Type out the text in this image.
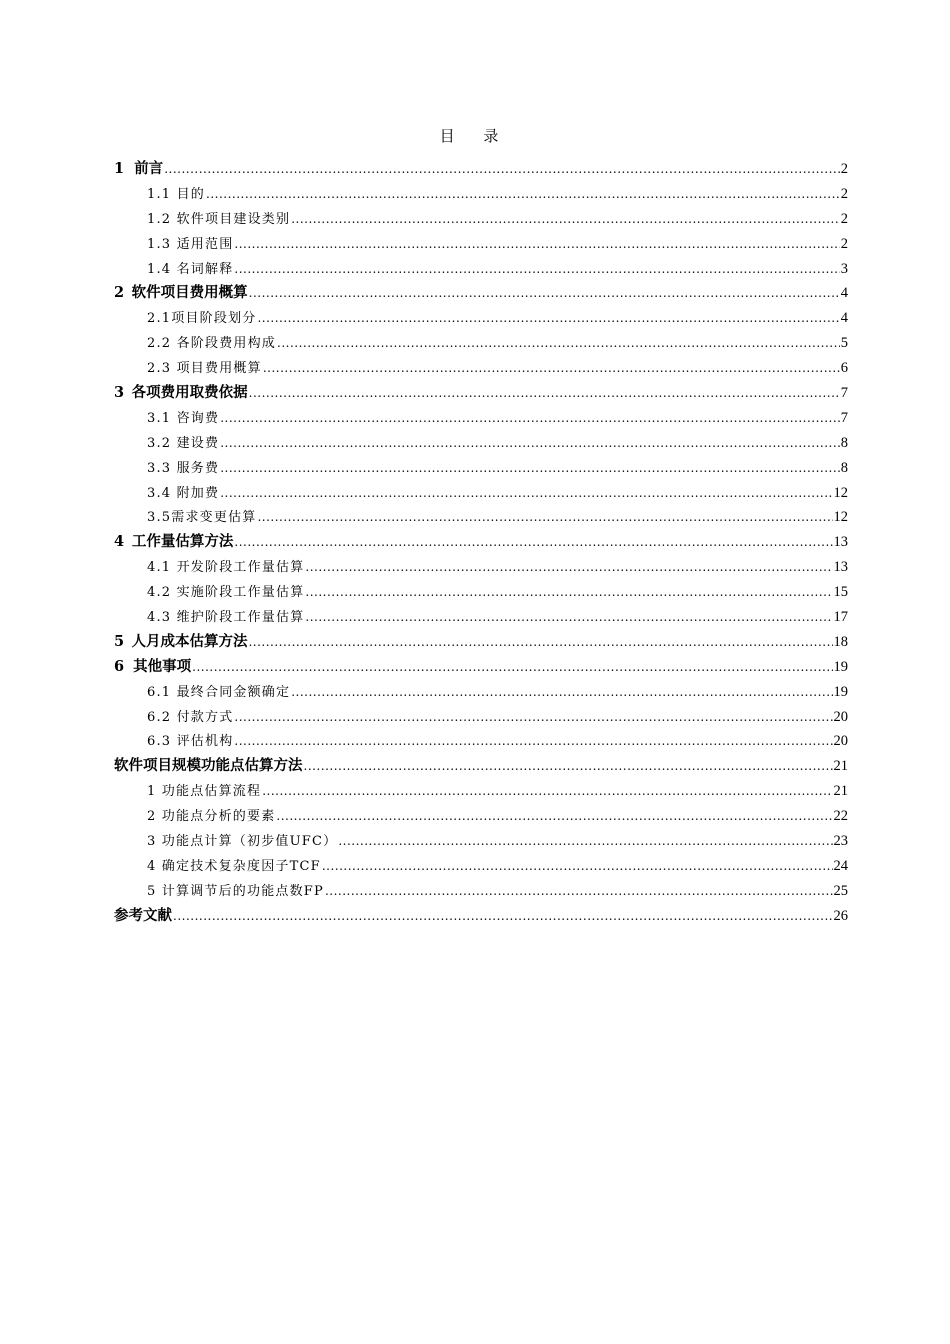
目 录
1 前言 .....	2
1.1 目的 .....	2
1.2 软件项目建设类别 .....	2
1.3 适用范围 .....	2
1.4 名词解释 .....	3
2 软件项目费用概算 .....	4
2.1项目阶段划分 .....	4
2.2 各阶段费用构成 .....	5
2.3 项目费用概算 .....	6
3 各项费用取费依据 .....	7
3.1 咨询费 .....	7
3.2 建设费 .....	8
3.3 服务费 .....	8
3.4 附加费 .....	12
3.5需求变更估算 .....	12
4 工作量估算方法 .....	13
4.1 开发阶段工作量估算 .....	13
4.2 实施阶段工作量估算 .....	15
4.3 维护阶段工作量估算 .....	17
5 人月成本估算方法 .....	18
6 其他事项 .....	19
6.1 最终合同金额确定 .....	19
6.2 付款方式 .....	20
6.3 评估机构 .....	20
软件项目规模功能点估算方法 .....	21
1 功能点估算流程 .....	21
2 功能点分析的要素 .....	22
3 功能点计算（初步值UFC） .....	23
4 确定技术复杂度因子TCF .....	24
5 计算调节后的功能点数FP .....	25
参考文献 .....	26
